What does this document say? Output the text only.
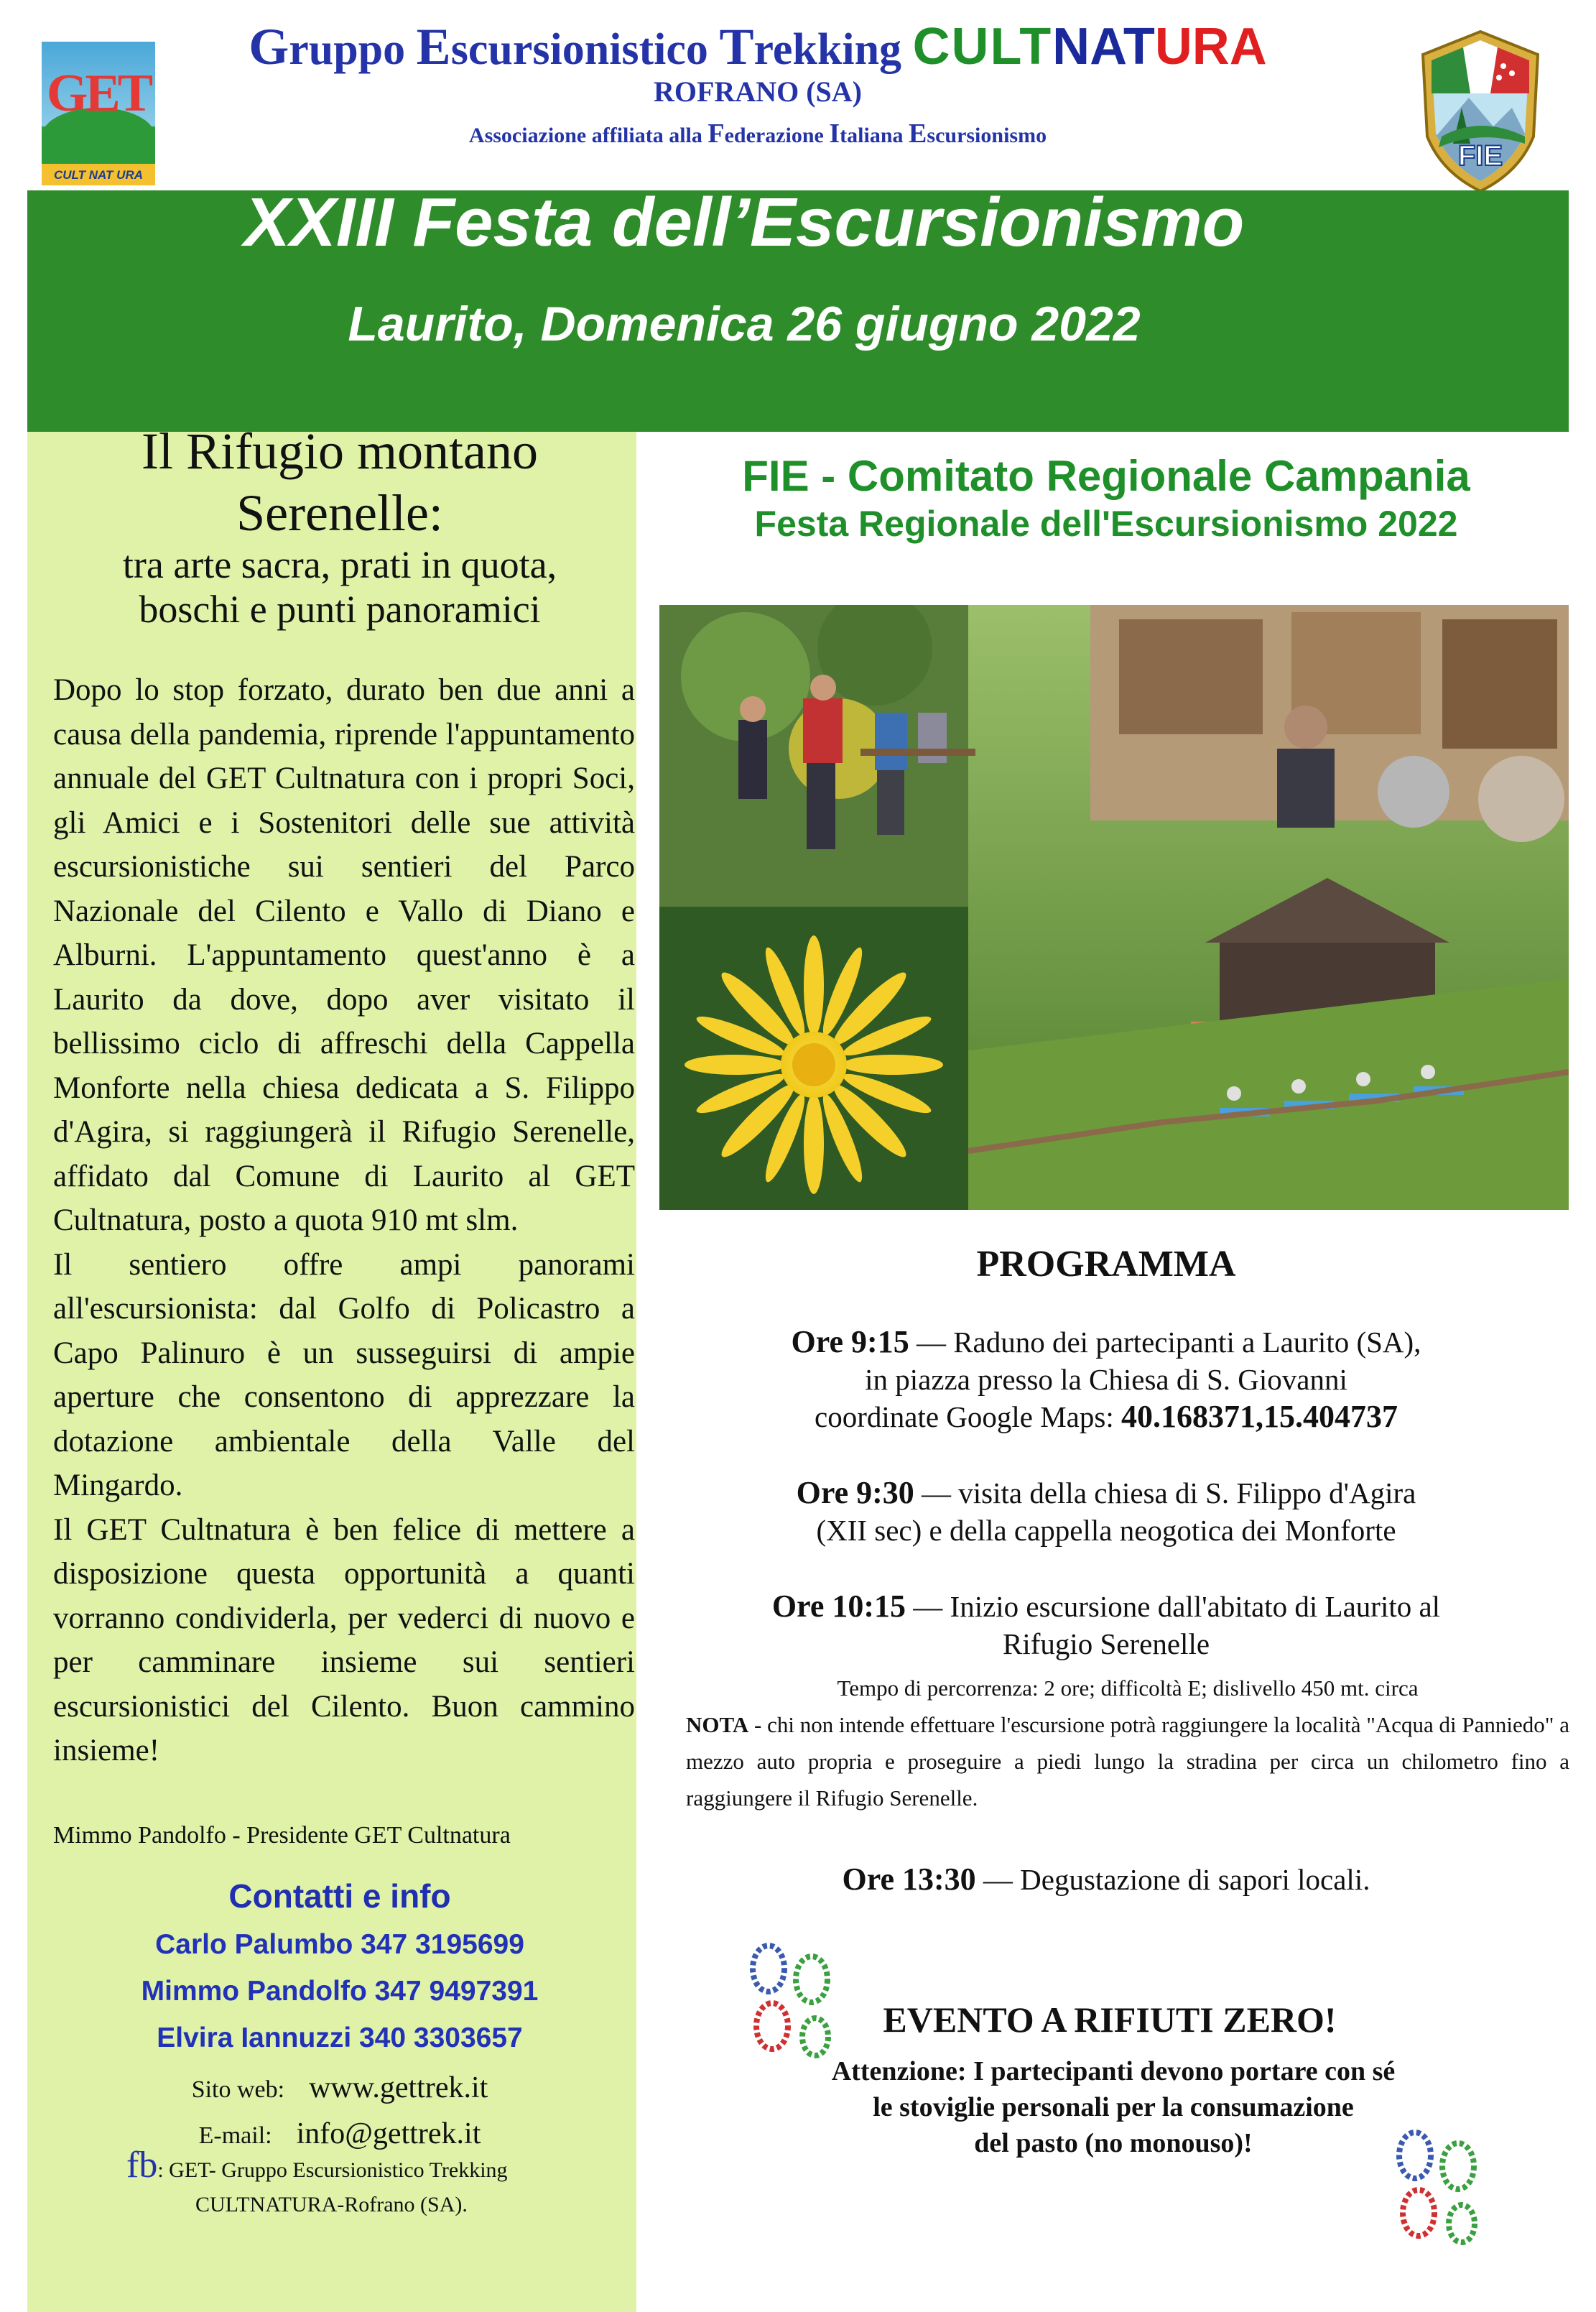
GET
CULT NAT URA
Gruppo Escursionistico Trekking CULTNATURA
ROFRANO (SA)
Associazione affiliata alla Federazione Italiana Escursionismo
FIE
XXIII Festa dell’Escursionismo
Laurito, Domenica 26 giugno 2022
Il Rifugio montano
Serenelle:
tra arte sacra, prati in quota,
boschi e punti panoramici

Dopo lo stop forzato, durato ben due anni a causa della pandemia, riprende l'appuntamento annuale del GET Cultnatura con i propri Soci, gli Amici e i Sostenitori delle sue attività escursionistiche sui sentieri del Parco Nazionale del Cilento e Vallo di Diano e Alburni. L'appuntamento quest'anno è a Laurito da dove, dopo aver visitato il bellissimo ciclo di affreschi della Cappella Monforte nella chiesa dedicata a S. Filippo d'Agira, si raggiungerà il Rifugio Serenelle, affidato dal Comune di Laurito al GET Cultnatura, posto a quota 910 mt slm.

Il sentiero offre ampi panorami all'escursionista: dal Golfo di Policastro a Capo Palinuro è un susseguirsi di ampie aperture che consentono di apprezzare la dotazione ambientale della Valle del Mingardo.

Il GET Cultnatura è ben felice di mettere a disposizione questa opportunità a quanti vorranno condividerla, per vederci di nuovo e per camminare insieme sui sentieri escursionistici del Cilento. Buon cammino insieme!

Mimmo Pandolfo - Presidente GET Cultnatura
Contatti e info
Carlo Palumbo 347 3195699
Mimmo Pandolfo 347 9497391
Elvira Iannuzzi 340 3303657
Sito web: www.gettrek.it
E-mail: info@gettrek.it
fb: GET- Gruppo Escursionistico Trekking
CULTNATURA-Rofrano (SA).
FIE - Comitato Regionale Campania
Festa Regionale dell'Escursionismo 2022
PROGRAMMA
Ore 9:15 — Raduno dei partecipanti a Laurito (SA),
in piazza presso la Chiesa di S. Giovanni
coordinate Google Maps: 40.168371,15.404737
Ore 9:30 — visita della chiesa di S. Filippo d'Agira
(XII sec) e della cappella neogotica dei Monforte
Ore 10:15 — Inizio escursione dall'abitato di Laurito al
Rifugio Serenelle
Tempo di percorrenza: 2 ore; difficoltà E; dislivello 450 mt. circa
NOTA - chi non intende effettuare l'escursione potrà raggiungere la località "Acqua di Panniedo" a mezzo auto propria e proseguire a piedi lungo la stradina per circa un chilometro fino a raggiungere il Rifugio Serenelle.
Ore 13:30 — Degustazione di sapori locali.
EVENTO A RIFIUTI ZERO!
Attenzione: I partecipanti devono portare con sé
le stoviglie personali per la consumazione
del pasto (no monouso)!
